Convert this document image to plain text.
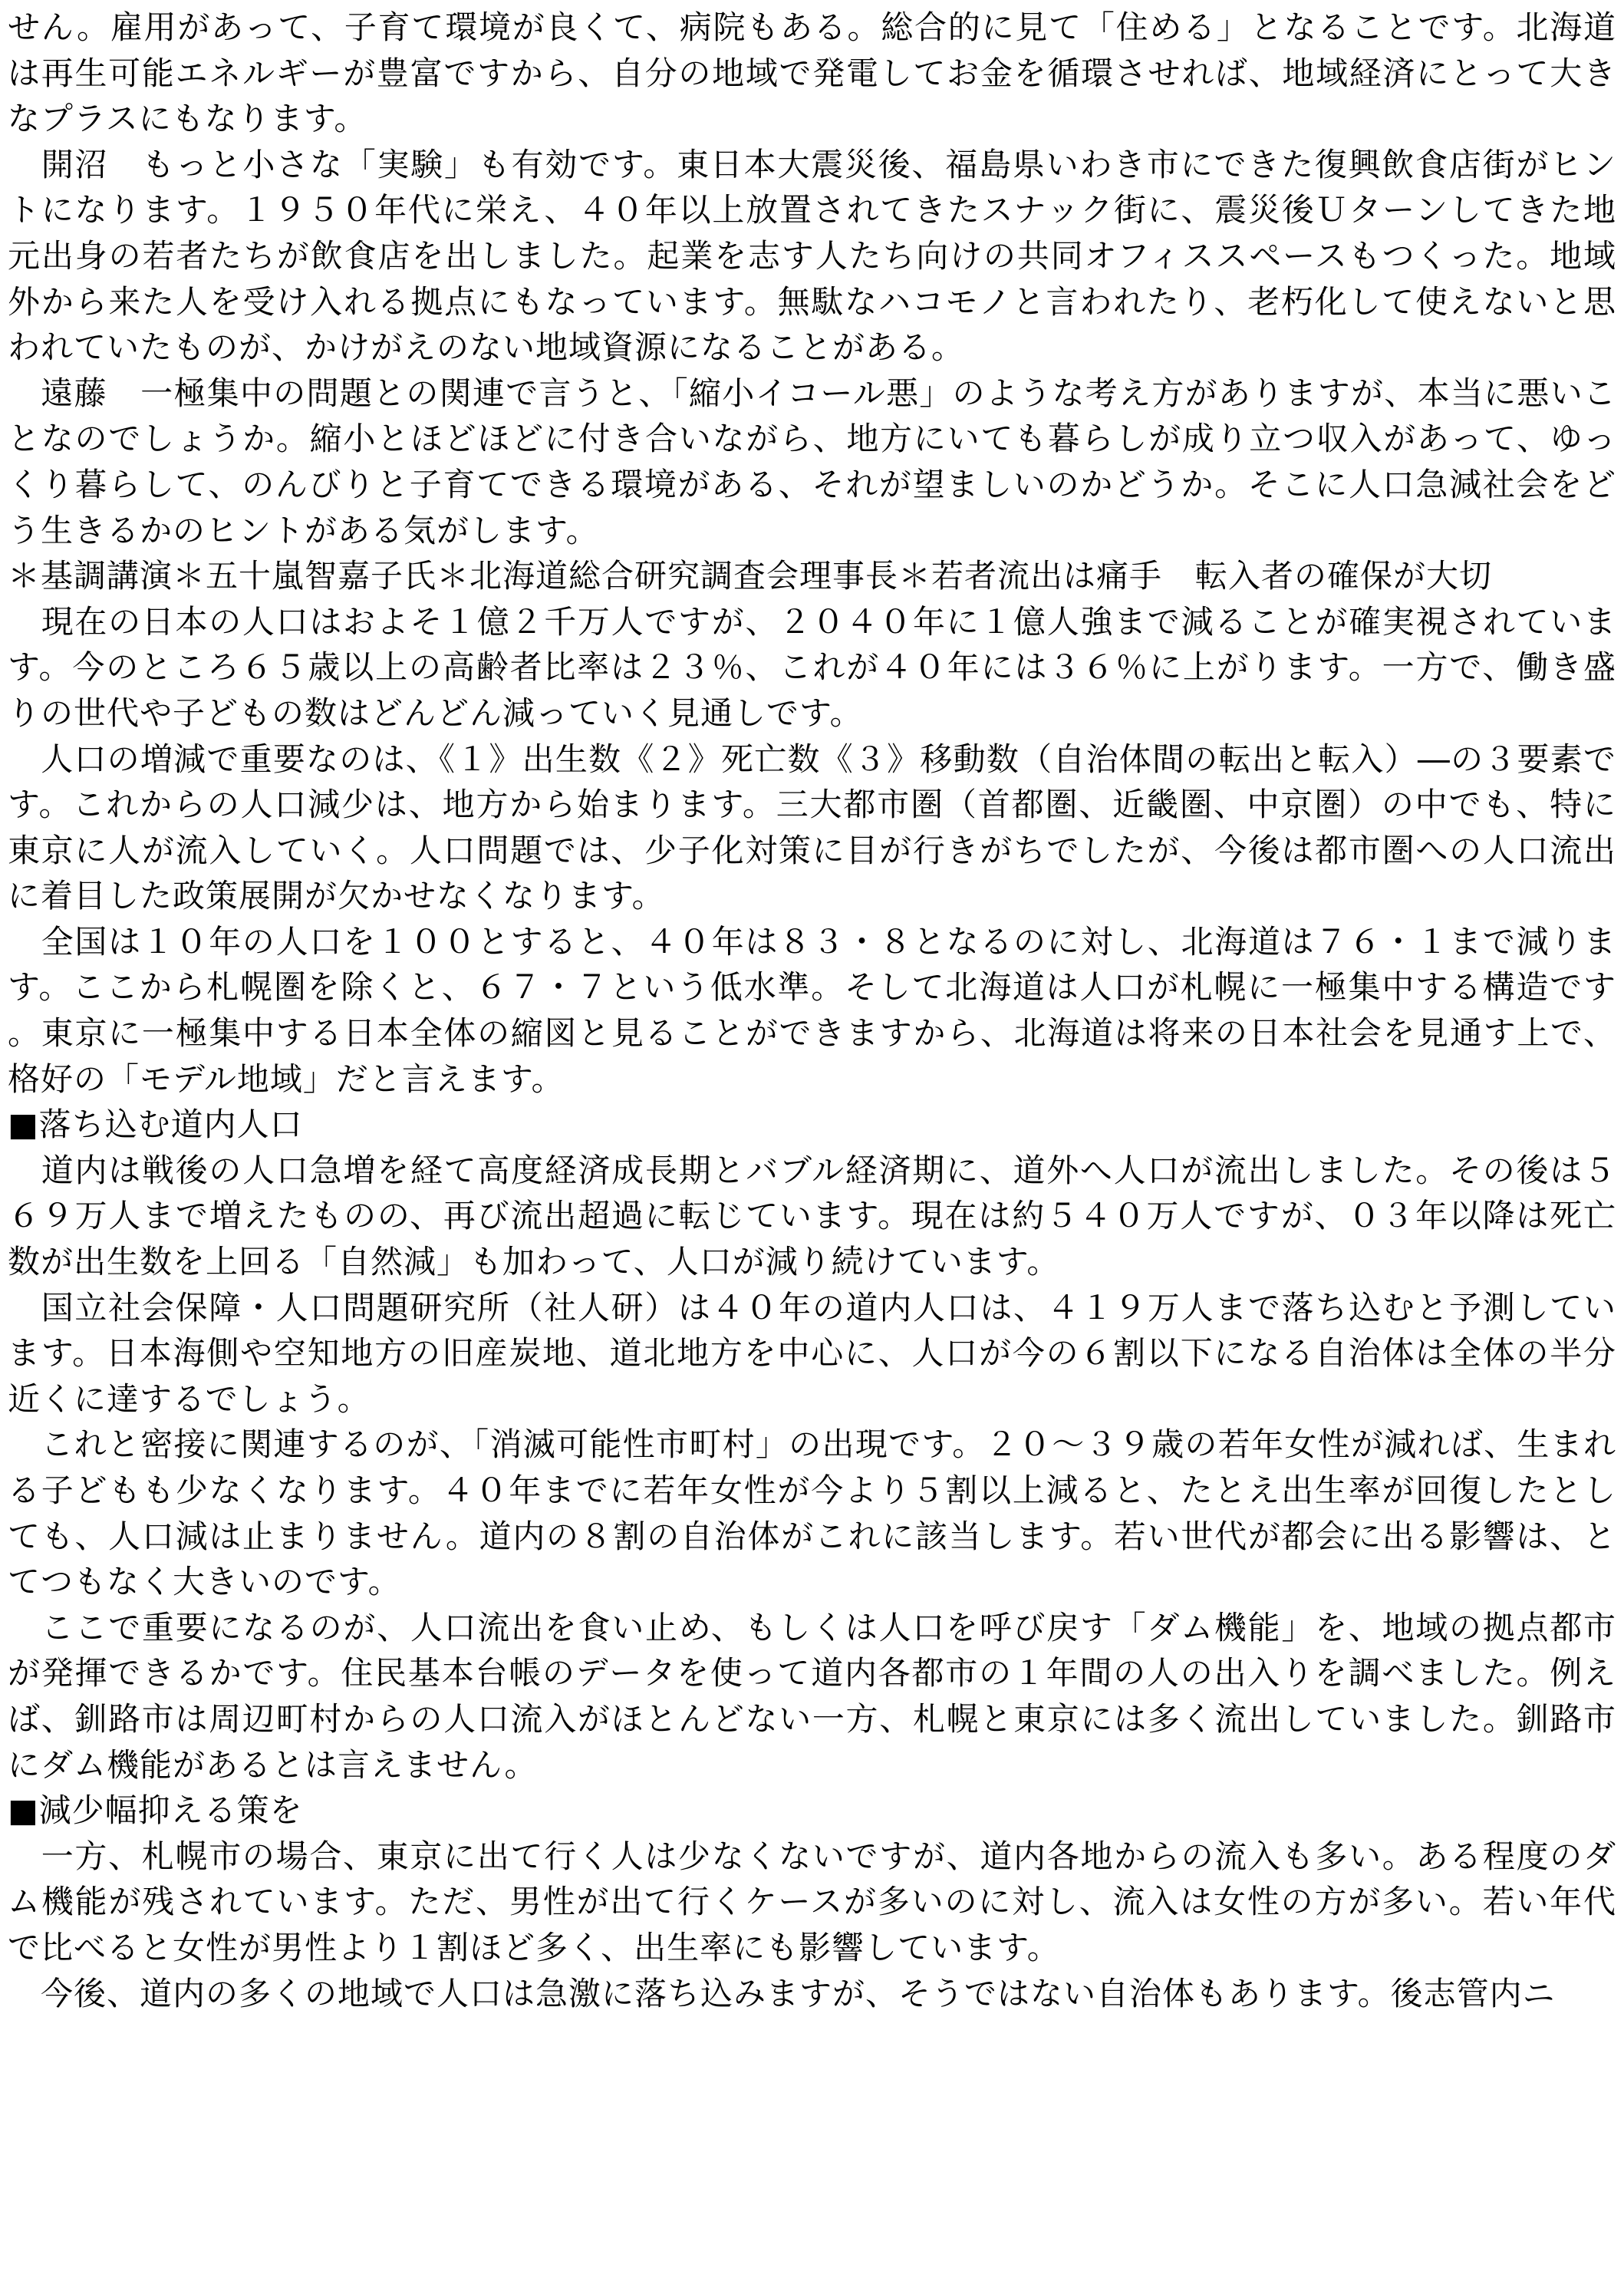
せん。雇用があって、子育て環境が良くて、病院もある。総合的に見て「住める」となることです。北海道は再生可能エネルギーが豊富ですから、自分の地域で発電してお金を循環させれば、地域経済にとって大きなプラスにもなります。

　開沼　もっと小さな「実験」も有効です。東日本大震災後、福島県いわき市にできた復興飲食店街がヒントになります。１９５０年代に栄え、４０年以上放置されてきたスナック街に、震災後Ｕターンしてきた地元出身の若者たちが飲食店を出しました。起業を志す人たち向けの共同オフィススペースもつくった。地域外から来た人を受け入れる拠点にもなっています。無駄なハコモノと言われたり、老朽化して使えないと思われていたものが、かけがえのない地域資源になることがある。

　遠藤　一極集中の問題との関連で言うと、「縮小イコール悪」のような考え方がありますが、本当に悪いことなのでしょうか。縮小とほどほどに付き合いながら、地方にいても暮らしが成り立つ収入があって、ゆっくり暮らして、のんびりと子育てできる環境がある、それが望ましいのかどうか。そこに人口急減社会をどう生きるかのヒントがある気がします。

＊基調講演＊五十嵐智嘉子氏＊北海道総合研究調査会理事長＊若者流出は痛手　転入者の確保が大切

　現在の日本の人口はおよそ１億２千万人ですが、２０４０年に１億人強まで減ることが確実視されています。今のところ６５歳以上の高齢者比率は２３％、これが４０年には３６％に上がります。一方で、働き盛りの世代や子どもの数はどんどん減っていく見通しです。

　人口の増減で重要なのは、《１》出生数《２》死亡数《３》移動数（自治体間の転出と転入）―の３要素です。これからの人口減少は、地方から始まります。三大都市圏（首都圏、近畿圏、中京圏）の中でも、特に東京に人が流入していく。人口問題では、少子化対策に目が行きがちでしたが、今後は都市圏への人口流出に着目した政策展開が欠かせなくなります。

　全国は１０年の人口を１００とすると、４０年は８３・８となるのに対し、北海道は７６・１まで減ります。ここから札幌圏を除くと、６７・７という低水準。そして北海道は人口が札幌に一極集中する構造です。東京に一極集中する日本全体の縮図と見ることができますから、北海道は将来の日本社会を見通す上で、格好の「モデル地域」だと言えます。

■落ち込む道内人口

　道内は戦後の人口急増を経て高度経済成長期とバブル経済期に、道外へ人口が流出しました。その後は５６９万人まで増えたものの、再び流出超過に転じています。現在は約５４０万人ですが、０３年以降は死亡数が出生数を上回る「自然減」も加わって、人口が減り続けています。

　国立社会保障・人口問題研究所（社人研）は４０年の道内人口は、４１９万人まで落ち込むと予測しています。日本海側や空知地方の旧産炭地、道北地方を中心に、人口が今の６割以下になる自治体は全体の半分近くに達するでしょう。

　これと密接に関連するのが、「消滅可能性市町村」の出現です。２０～３９歳の若年女性が減れば、生まれる子どもも少なくなります。４０年までに若年女性が今より５割以上減ると、たとえ出生率が回復したとしても、人口減は止まりません。道内の８割の自治体がこれに該当します。若い世代が都会に出る影響は、とてつもなく大きいのです。

　ここで重要になるのが、人口流出を食い止め、もしくは人口を呼び戻す「ダム機能」を、地域の拠点都市が発揮できるかです。住民基本台帳のデータを使って道内各都市の１年間の人の出入りを調べました。例えば、釧路市は周辺町村からの人口流入がほとんどない一方、札幌と東京には多く流出していました。釧路市にダム機能があるとは言えません。

■減少幅抑える策を

　一方、札幌市の場合、東京に出て行く人は少なくないですが、道内各地からの流入も多い。ある程度のダム機能が残されています。ただ、男性が出て行くケースが多いのに対し、流入は女性の方が多い。若い年代で比べると女性が男性より１割ほど多く、出生率にも影響しています。

　今後、道内の多くの地域で人口は急激に落ち込みますが、そうではない自治体もあります。後志管内ニ
